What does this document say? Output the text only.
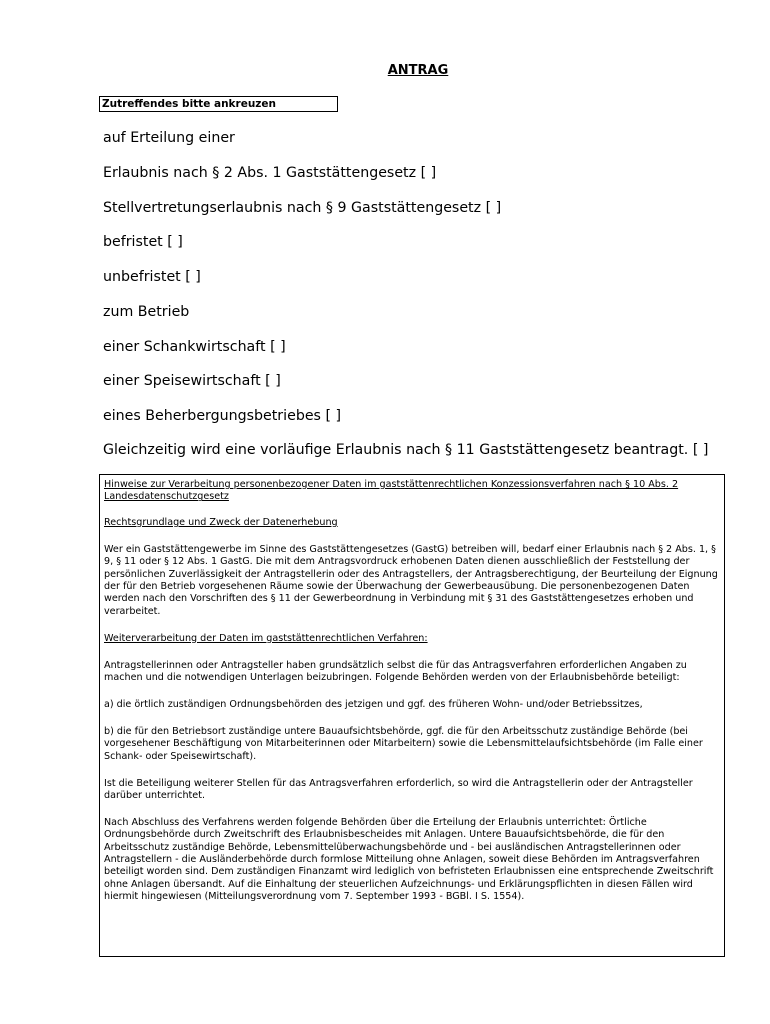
ANTRAG
Zutreffendes bitte ankreuzen
auf Erteilung einer
Erlaubnis nach § 2 Abs. 1 Gaststättengesetz [ ]
Stellvertretungserlaubnis nach § 9 Gaststättengesetz [ ]
befristet [ ]
unbefristet [ ]
zum Betrieb
einer Schankwirtschaft [ ]
einer Speisewirtschaft [ ]
eines Beherbergungsbetriebes [ ]
Gleichzeitig wird eine vorläufige Erlaubnis nach § 11 Gaststättengesetz beantragt. [ ]

Hinweise zur Verarbeitung personenbezogener Daten im gaststättenrechtlichen Konzessionsverfahren nach § 10 Abs. 2 Landesdatenschutzgesetz

Rechtsgrundlage und Zweck der Datenerhebung

Wer ein Gaststättengewerbe im Sinne des Gaststättengesetzes (GastG) betreiben will, bedarf einer Erlaubnis nach § 2 Abs. 1, § 9, § 11 oder § 12 Abs. 1 GastG. Die mit dem Antragsvordruck erhobenen Daten dienen ausschließlich der Feststellung der persönlichen Zuverlässigkeit der Antragstellerin oder des Antragstellers, der Antragsberechtigung, der Beurteilung der Eignung der für den Betrieb vorgesehenen Räume sowie der Überwachung der Gewerbeausübung. Die personenbezogenen Daten werden nach den Vorschriften des § 11 der Gewerbeordnung in Verbindung mit § 31 des Gaststättengesetzes erhoben und verarbeitet.

Weiterverarbeitung der Daten im gaststättenrechtlichen Verfahren:

Antragstellerinnen oder Antragsteller haben grundsätzlich selbst die für das Antragsverfahren erforderlichen Angaben zu machen und die notwendigen Unterlagen beizubringen. Folgende Behörden werden von der Erlaubnisbehörde beteiligt:

a) die örtlich zuständigen Ordnungsbehörden des jetzigen und ggf. des früheren Wohn- und/oder Betriebssitzes,

b) die für den Betriebsort zuständige untere Bauaufsichtsbehörde, ggf. die für den Arbeitsschutz zuständige Behörde (bei vorgesehener Beschäftigung von Mitarbeiterinnen oder Mitarbeitern) sowie die Lebensmittelaufsichtsbehörde (im Falle einer Schank- oder Speisewirtschaft).

Ist die Beteiligung weiterer Stellen für das Antragsverfahren erforderlich, so wird die Antragstellerin oder der Antragsteller darüber unterrichtet.

Nach Abschluss des Verfahrens werden folgende Behörden über die Erteilung der Erlaubnis unterrichtet: Örtliche Ordnungsbehörde durch Zweitschrift des Erlaubnisbescheides mit Anlagen. Untere Bauaufsichtsbehörde, die für den Arbeitsschutz zuständige Behörde, Lebensmittelüberwachungsbehörde und - bei ausländischen Antragstellerinnen oder Antragstellern - die Ausländerbehörde durch formlose Mitteilung ohne Anlagen, soweit diese Behörden im Antragsverfahren beteiligt worden sind. Dem zuständigen Finanzamt wird lediglich von befristeten Erlaubnissen eine entsprechende Zweitschrift ohne Anlagen übersandt. Auf die Einhaltung der steuerlichen Aufzeichnungs- und Erklärungspflichten in diesen Fällen wird hiermit hingewiesen (Mitteilungsverordnung vom 7. September 1993 - BGBl. I S. 1554).
